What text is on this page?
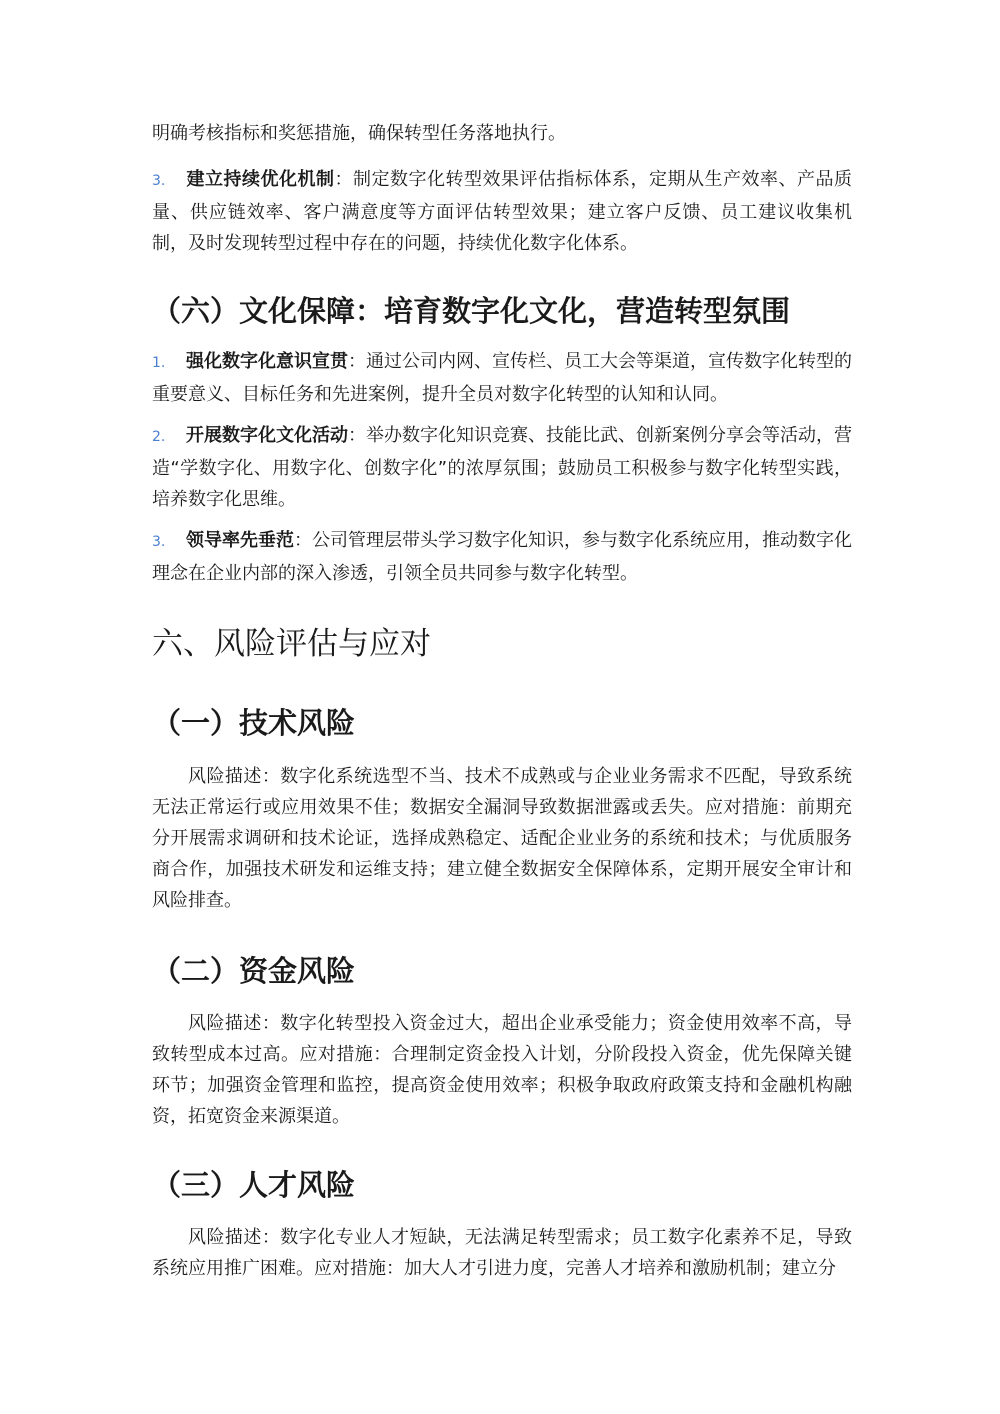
明确考核指标和奖惩措施，确保转型任务落地执行。

3. 建立持续优化机制：制定数字化转型效果评估指标体系，定期从生产效率、产品质量、供应链效率、客户满意度等方面评估转型效果；建立客户反馈、员工建议收集机制，及时发现转型过程中存在的问题，持续优化数字化体系。

（六）文化保障：培育数字化文化，营造转型氛围

1. 强化数字化意识宣贯：通过公司内网、宣传栏、员工大会等渠道，宣传数字化转型的重要意义、目标任务和先进案例，提升全员对数字化转型的认知和认同。

2. 开展数字化文化活动：举办数字化知识竞赛、技能比武、创新案例分享会等活动，营造“学数字化、用数字化、创数字化”的浓厚氛围；鼓励员工积极参与数字化转型实践，培养数字化思维。

3. 领导率先垂范：公司管理层带头学习数字化知识，参与数字化系统应用，推动数字化理念在企业内部的深入渗透，引领全员共同参与数字化转型。

六、风险评估与应对
（一）技术风险

风险描述：数字化系统选型不当、技术不成熟或与企业业务需求不匹配，导致系统无法正常运行或应用效果不佳；数据安全漏洞导致数据泄露或丢失。应对措施：前期充分开展需求调研和技术论证，选择成熟稳定、适配企业业务的系统和技术；与优质服务商合作，加强技术研发和运维支持；建立健全数据安全保障体系，定期开展安全审计和风险排查。

（二）资金风险

风险描述：数字化转型投入资金过大，超出企业承受能力；资金使用效率不高，导致转型成本过高。应对措施：合理制定资金投入计划，分阶段投入资金，优先保障关键环节；加强资金管理和监控，提高资金使用效率；积极争取政府政策支持和金融机构融资，拓宽资金来源渠道。

（三）人才风险

风险描述：数字化专业人才短缺，无法满足转型需求；员工数字化素养不足，导致系统应用推广困难。应对措施：加大人才引进力度，完善人才培养和激励机制；建立分
